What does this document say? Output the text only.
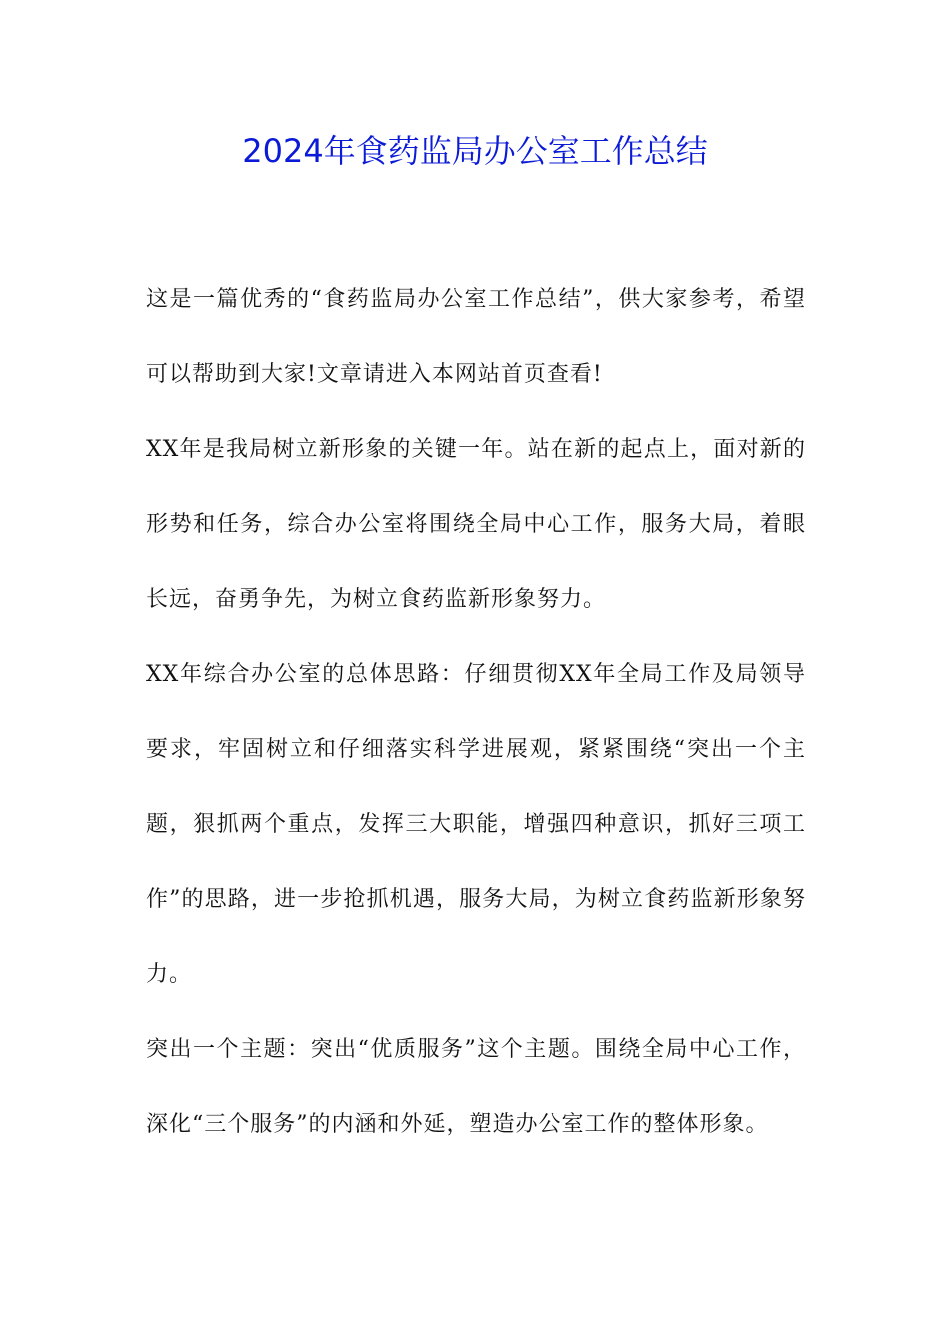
2024年食药监局办公室工作总结

这是一篇优秀的“食药监局办公室工作总结”，供大家参考，希望可以帮助到大家!文章请进入本网站首页查看!

XX年是我局树立新形象的关键一年。站在新的起点上，面对新的形势和任务，综合办公室将围绕全局中心工作，服务大局，着眼长远，奋勇争先，为树立食药监新形象努力。

XX年综合办公室的总体思路：仔细贯彻XX年全局工作及局领导要求，牢固树立和仔细落实科学进展观，紧紧围绕“突出一个主题，狠抓两个重点，发挥三大职能，增强四种意识，抓好三项工作”的思路，进一步抢抓机遇，服务大局，为树立食药监新形象努力。

突出一个主题：突出“优质服务”这个主题。围绕全局中心工作，深化“三个服务”的内涵和外延，塑造办公室工作的整体形象。
